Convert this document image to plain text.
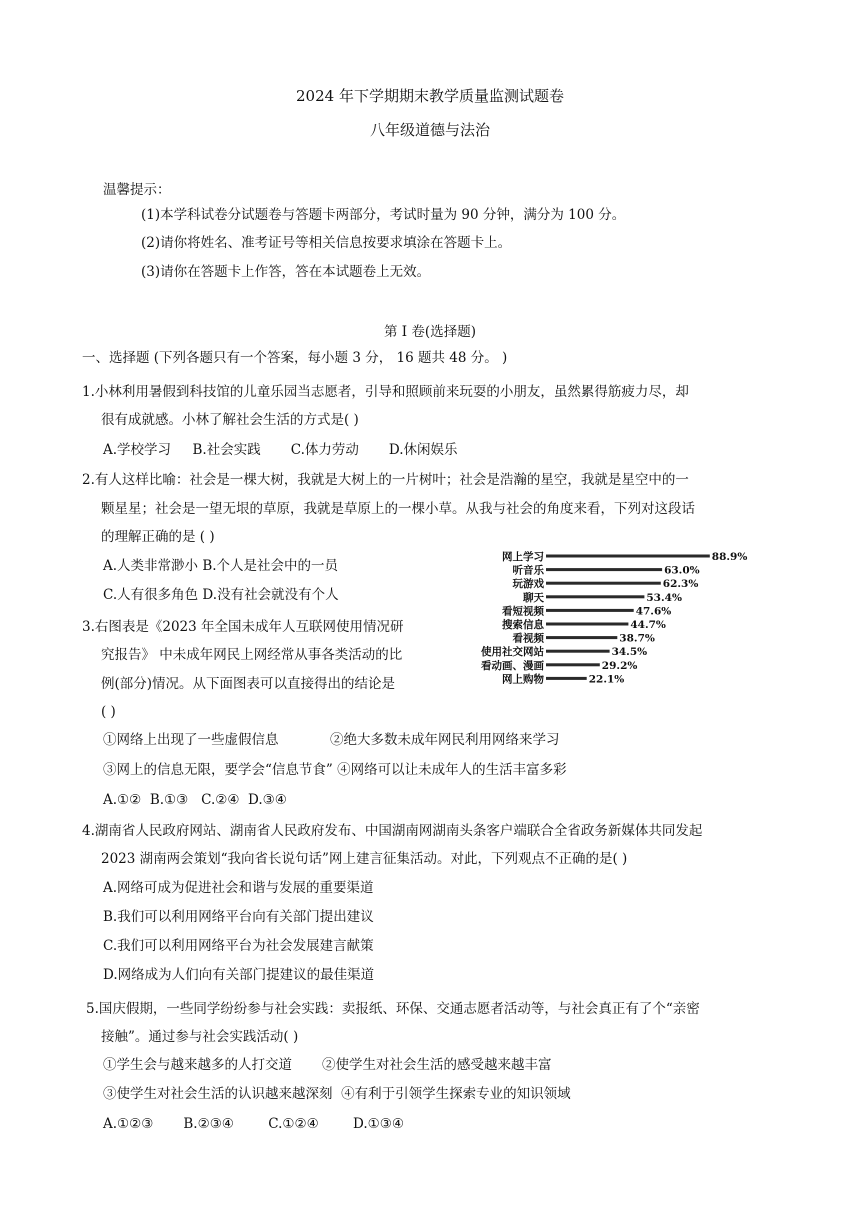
2024 年下学期期末教学质量监测试题卷
八年级道德与法治
温馨提示：
(1)本学科试卷分试题卷与答题卡两部分，考试时量为 90 分钟，满分为 100 分。
(2)请你将姓名、准考证号等相关信息按要求填涂在答题卡上。
(3)请你在答题卡上作答，答在本试题卷上无效。
第 Ⅰ 卷(选择题)
一、选择题 (下列各题只有一个答案，每小题 3 分， 16 题共 48 分。 )
1.小林利用暑假到科技馆的儿童乐园当志愿者，引导和照顾前来玩耍的小朋友，虽然累得筋疲力尽，却
很有成就感。小林了解社会生活的方式是( )
A.学校学习     B.社会实践       C.体力劳动       D.休闲娱乐
2.有人这样比喻：社会是一棵大树，我就是大树上的一片树叶；社会是浩瀚的星空，我就是星空中的一
颗星星；社会是一望无垠的草原，我就是草原上的一棵小草。从我与社会的角度来看，下列对这段话
的理解正确的是 ( )
A.人类非常渺小 B.个人是社会中的一员
C.人有很多角色 D.没有社会就没有个人
3.右图表是《2023 年全国未成年人互联网使用情况研
究报告》 中未成年网民上网经常从事各类活动的比
例(部分)情况。从下面图表可以直接得出的结论是
( )
①网络上出现了一些虚假信息            ②绝大多数未成年网民利用网络来学习
③网上的信息无限，要学会“信息节食” ④网络可以让未成年人的生活丰富多彩
A.①②  B.①③   C.②④  D.③④
网上学习	88.9%
听音乐	63.0%
玩游戏	62.3%
聊天	53.4%
看短视频	47.6%
搜索信息	44.7%
看视频	38.7%
使用社交网站	34.5%
看动画、漫画	29.2%
网上购物	22.1%
4.湖南省人民政府网站、湖南省人民政府发布、中国湖南网湖南头条客户端联合全省政务新媒体共同发起
2023 湖南两会策划“我向省长说句话”网上建言征集活动。对此，下列观点不正确的是( )
A.网络可成为促进社会和谐与发展的重要渠道
B.我们可以利用网络平台向有关部门提出建议
C.我们可以利用网络平台为社会发展建言献策
D.网络成为人们向有关部门提建议的最佳渠道
5.国庆假期，一些同学纷纷参与社会实践：卖报纸、环保、交通志愿者活动等，与社会真正有了个“亲密
接触”。通过参与社会实践活动( )
①学生会与越来越多的人打交道       ②使学生对社会生活的感受越来越丰富
③使学生对社会生活的认识越来越深刻  ④有利于引领学生探索专业的知识领域
A.①②③       B.②③④        C.①②④        D.①③④
